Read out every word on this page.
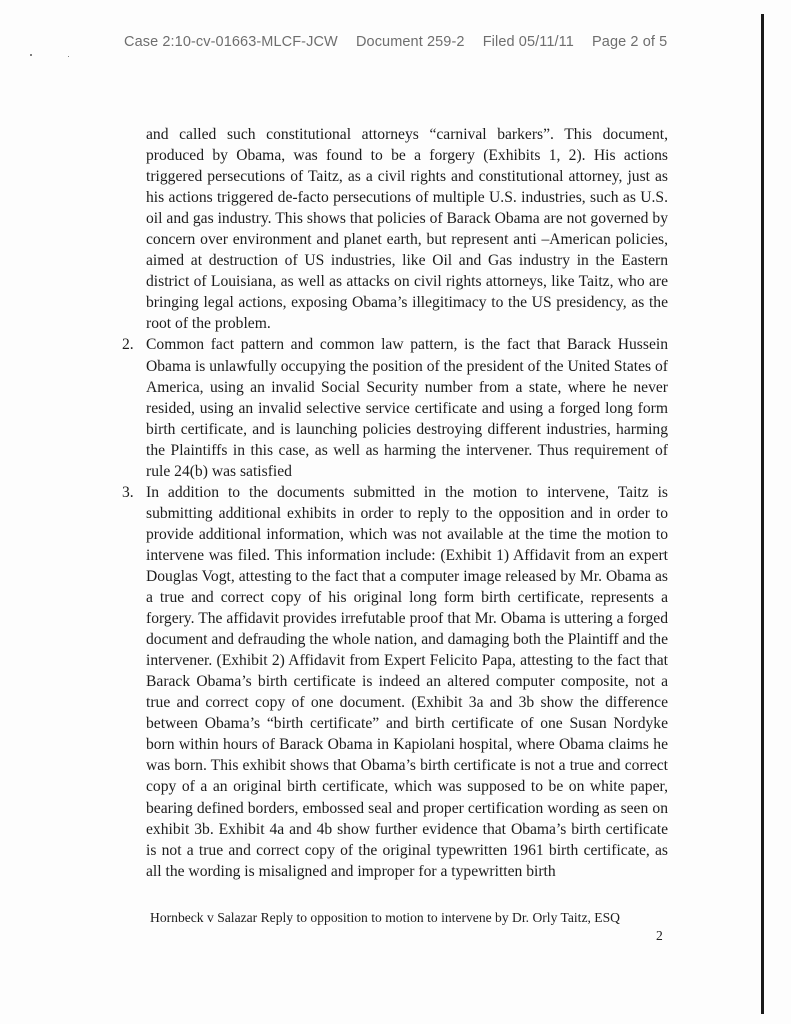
Case 2:10-cv-01663-MLCF-JCW Document 259-2 Filed 05/11/11 Page 2 of 5

and called such constitutional attorneys “carnival barkers”. This document, produced by Obama, was found to be a forgery (Exhibits 1, 2). His actions triggered persecutions of Taitz, as a civil rights and constitutional attorney, just as his actions triggered de-facto persecutions of multiple U.S. industries, such as U.S. oil and gas industry. This shows that policies of Barack Obama are not governed by concern over environment and planet earth, but represent anti –American policies, aimed at destruction of US industries, like Oil and Gas industry in the Eastern district of Louisiana, as well as attacks on civil rights attorneys, like Taitz, who are bringing legal actions, exposing Obama’s illegitimacy to the US presidency, as the root of the problem.

2. Common fact pattern and common law pattern, is the fact that Barack Hussein Obama is unlawfully occupying the position of the president of the United States of America, using an invalid Social Security number from a state, where he never resided, using an invalid selective service certificate and using a forged long form birth certificate, and is launching policies destroying different industries, harming the Plaintiffs in this case, as well as harming the intervener. Thus requirement of rule 24(b) was satisfied

3. In addition to the documents submitted in the motion to intervene, Taitz is submitting additional exhibits in order to reply to the opposition and in order to provide additional information, which was not available at the time the motion to intervene was filed. This information include: (Exhibit 1) Affidavit from an expert Douglas Vogt, attesting to the fact that a computer image released by Mr. Obama as a true and correct copy of his original long form birth certificate, represents a forgery. The affidavit provides irrefutable proof that Mr. Obama is uttering a forged document and defrauding the whole nation, and damaging both the Plaintiff and the intervener. (Exhibit 2) Affidavit from Expert Felicito Papa, attesting to the fact that Barack Obama’s birth certificate is indeed an altered computer composite, not a true and correct copy of one document. (Exhibit 3a and 3b show the difference between Obama’s “birth certificate” and birth certificate of one Susan Nordyke born within hours of Barack Obama in Kapiolani hospital, where Obama claims he was born. This exhibit shows that Obama’s birth certificate is not a true and correct copy of a an original birth certificate, which was supposed to be on white paper, bearing defined borders, embossed seal and proper certification wording as seen on exhibit 3b. Exhibit 4a and 4b show further evidence that Obama’s birth certificate is not a true and correct copy of the original typewritten 1961 birth certificate, as all the wording is misaligned and improper for a typewritten birth

Hornbeck v Salazar Reply to opposition to motion to intervene by Dr. Orly Taitz, ESQ
2
